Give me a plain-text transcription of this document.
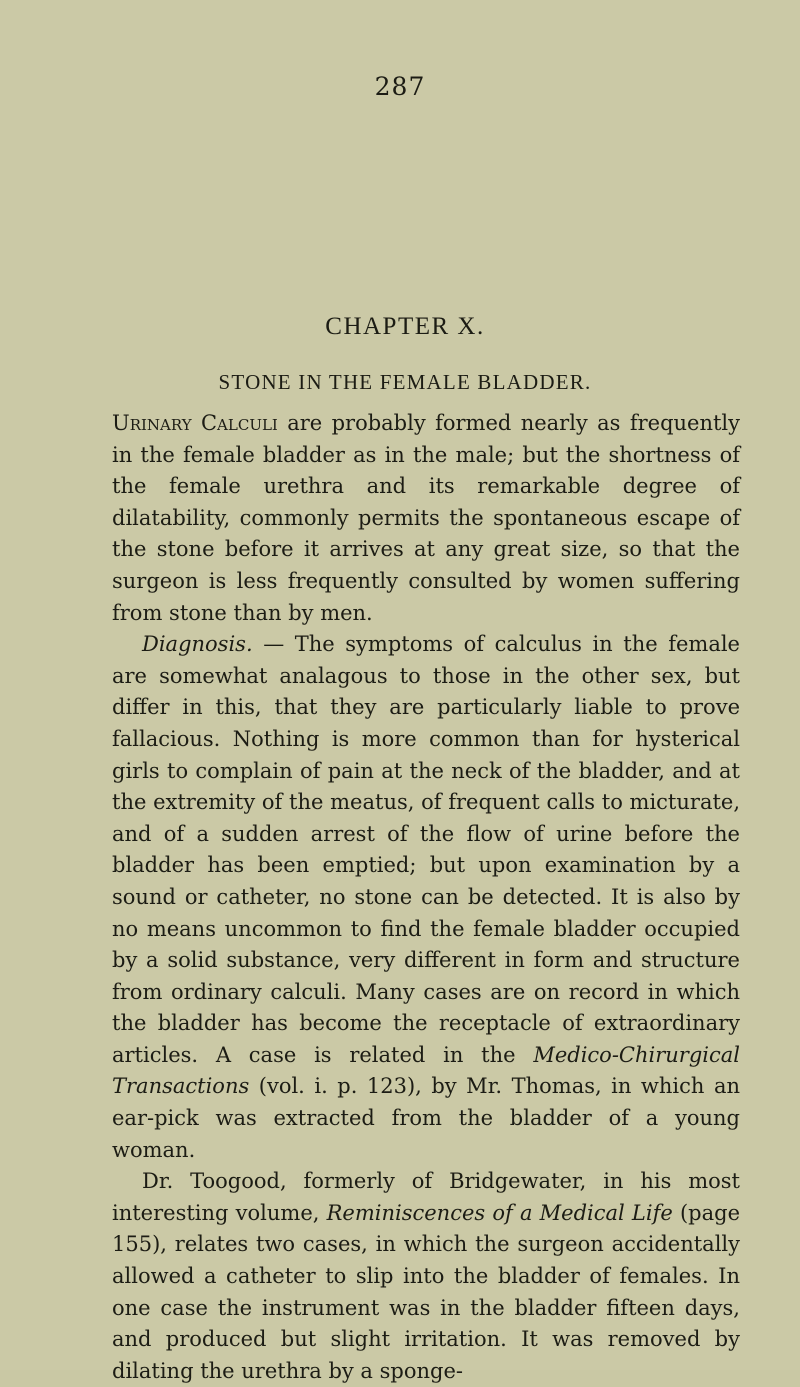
287
CHAPTER X.
STONE IN THE FEMALE BLADDER.

Urinary Calculi are probably formed nearly as frequently in the female bladder as in the male; but the shortness of the female urethra and its remarkable degree of dilatability, commonly permits the spontaneous escape of the stone before it arrives at any great size, so that the surgeon is less frequently consulted by women suffering from stone than by men.

Diagnosis. — The symptoms of calculus in the female are somewhat analagous to those in the other sex, but differ in this, that they are particularly liable to prove fallacious. Nothing is more common than for hysterical girls to complain of pain at the neck of the bladder, and at the extremity of the meatus, of frequent calls to micturate, and of a sudden arrest of the flow of urine before the bladder has been emptied; but upon examination by a sound or catheter, no stone can be detected. It is also by no means uncommon to find the female bladder occupied by a solid substance, very different in form and structure from ordinary calculi. Many cases are on record in which the bladder has become the receptacle of extraordinary articles. A case is related in the Medico-Chirurgical Transactions (vol. i. p. 123), by Mr. Thomas, in which an ear-pick was extracted from the bladder of a young woman.

Dr. Toogood, formerly of Bridgewater, in his most interesting volume, Reminiscences of a Medical Life (page 155), relates two cases, in which the surgeon accidentally allowed a catheter to slip into the bladder of females. In one case the instrument was in the bladder fifteen days, and produced but slight irritation. It was removed by dilating the urethra by a sponge-
